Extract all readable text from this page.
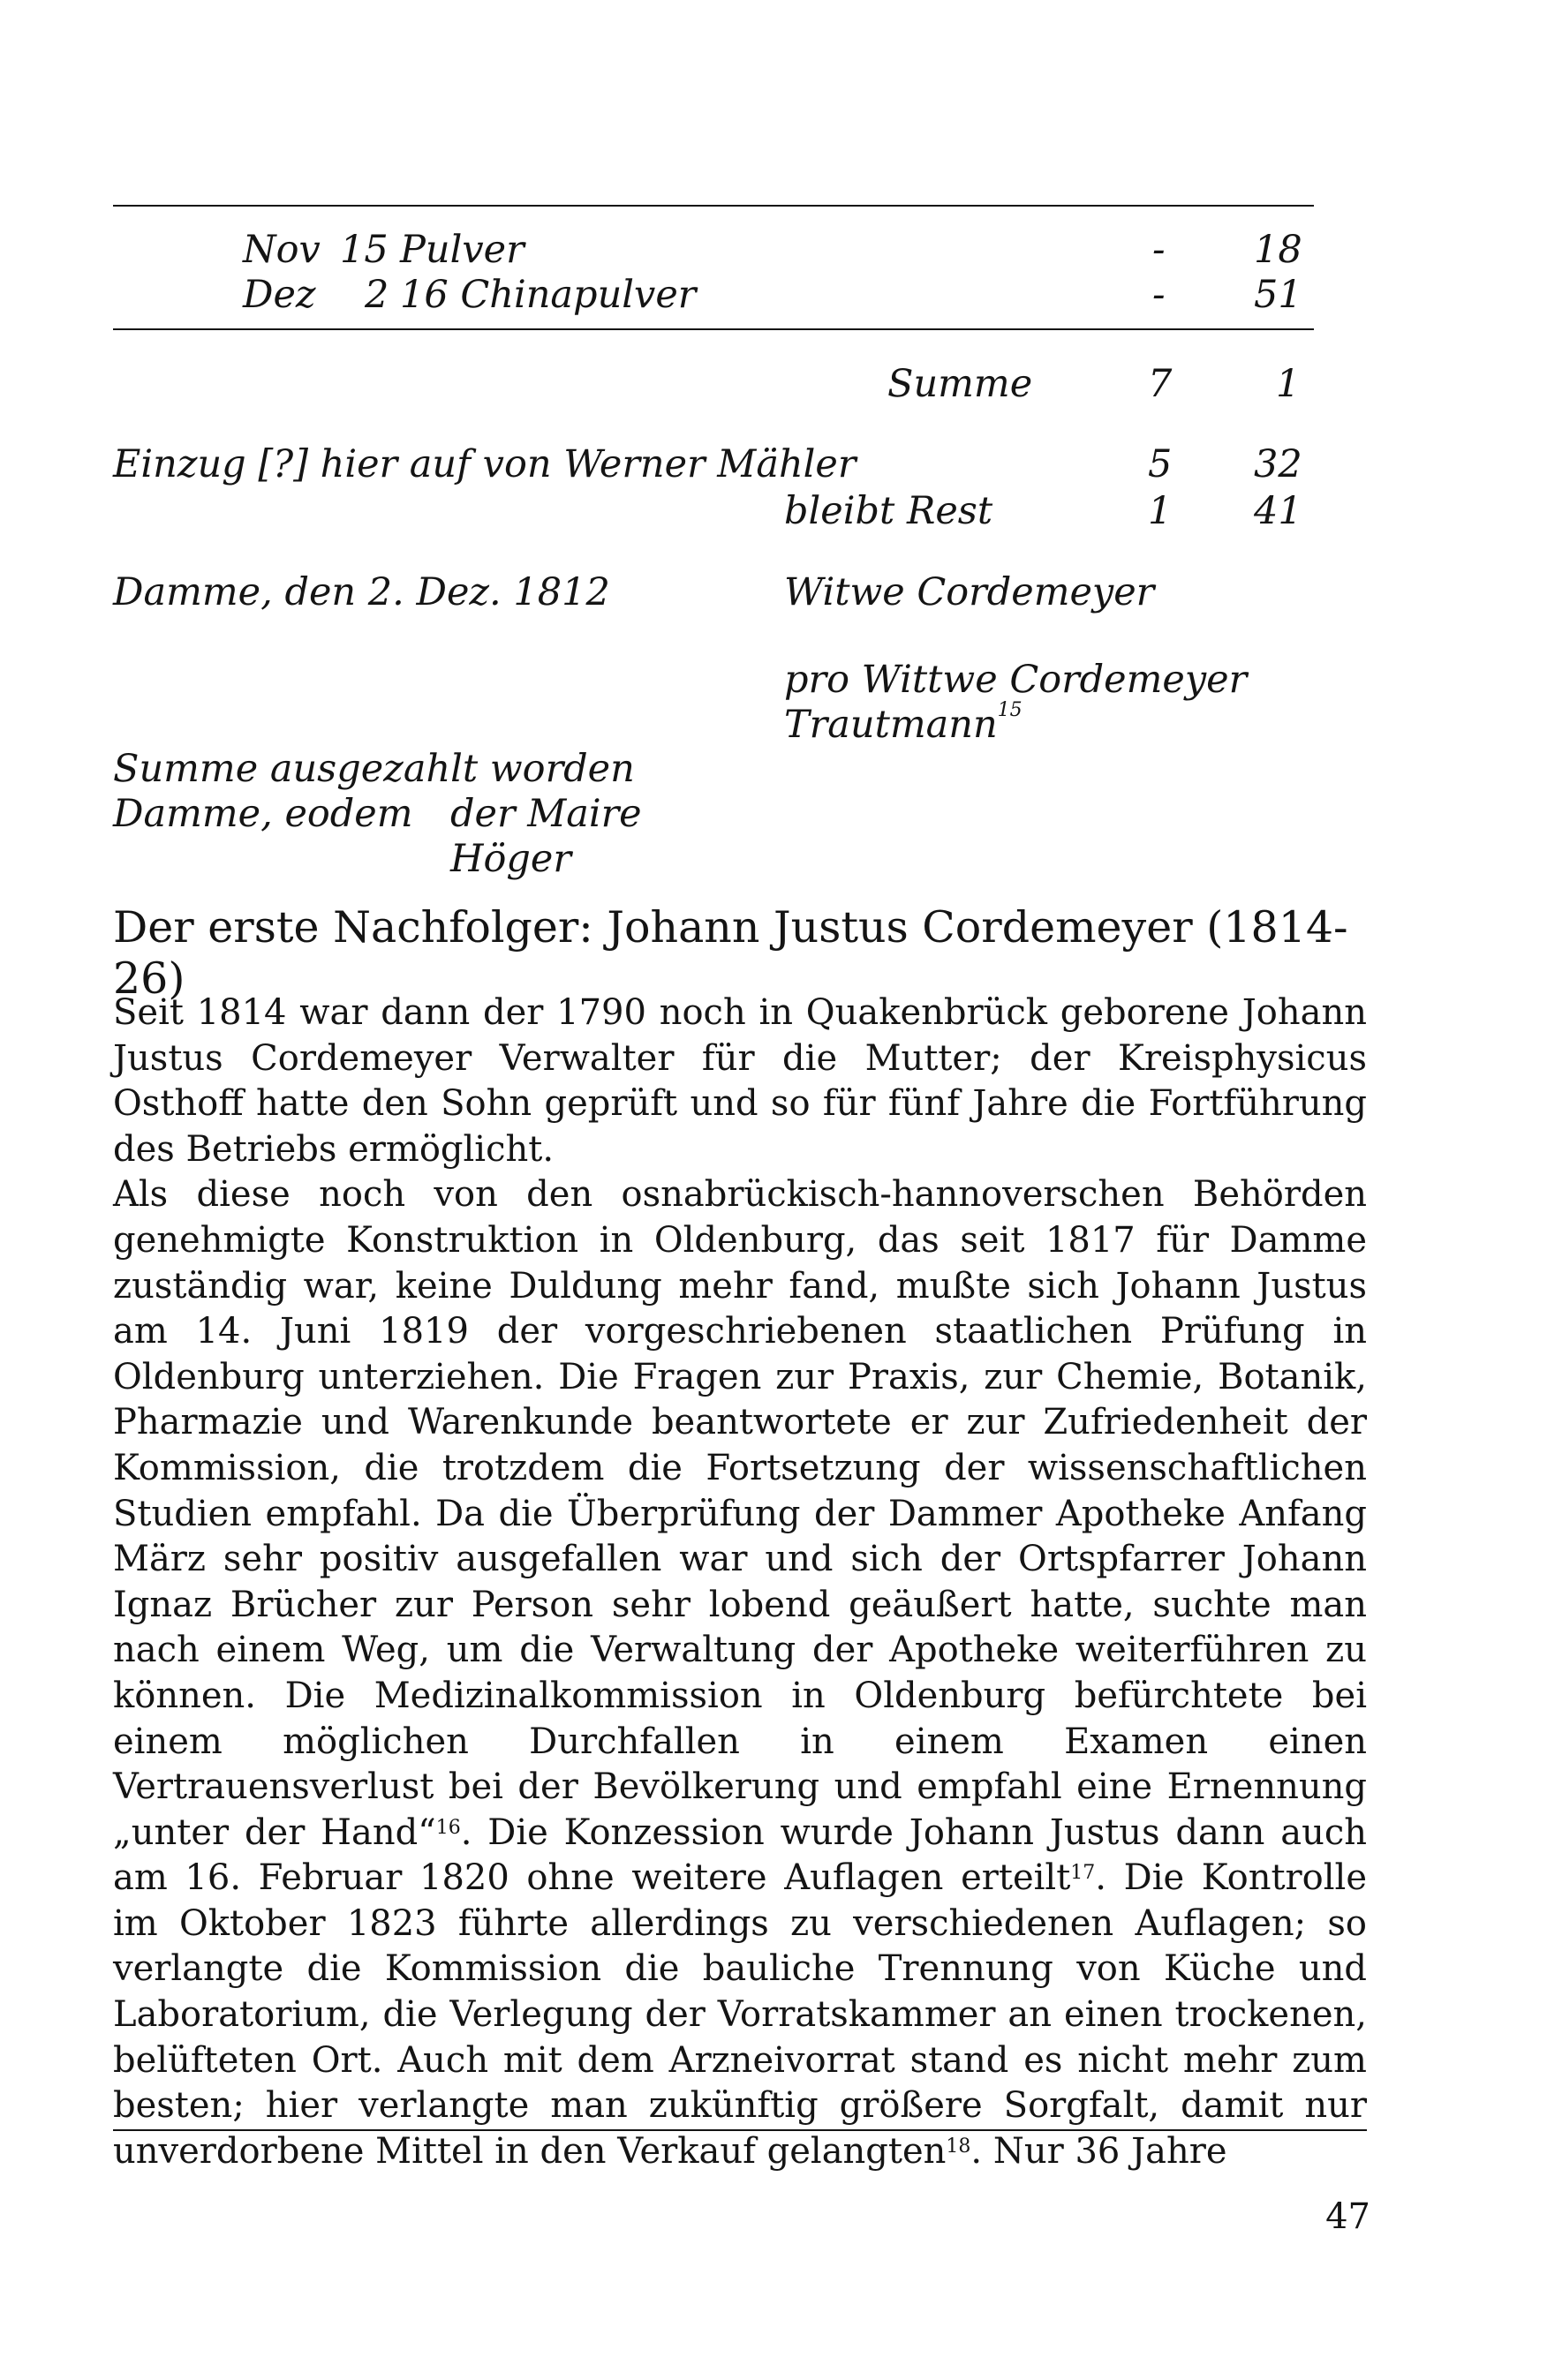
Nov 15 Pulver	- 18
Dez 2 16 Chinapulver	- 51
Summe	7	1
Einzug [?] hier auf von Werner Mähler	5 32
bleibt Rest	1 41
Damme, den 2. Dez. 1812	Witwe Cordemeyer
pro Wittwe Cordemeyer
Trautmann$^{15}$
Summe ausgezahlt worden
Damme, eodem der Maire
Höger
Der erste Nachfolger: Johann Justus Cordemeyer (1814-26)

Seit 1814 war dann der 1790 noch in Quakenbrück geborene Johann Justus Cordemeyer Verwalter für die Mutter; der Kreisphysicus Osthoff hatte den Sohn geprüft und so für fünf Jahre die Fortführung des Betriebs ermöglicht.

Als diese noch von den osnabrückisch-hannoverschen Behörden genehmigte Konstruktion in Oldenburg, das seit 1817 für Damme zuständig war, keine Duldung mehr fand, mußte sich Johann Justus am 14. Juni 1819 der vorgeschriebenen staatlichen Prüfung in Oldenburg unterziehen. Die Fragen zur Praxis, zur Chemie, Botanik, Pharmazie und Warenkunde beantwortete er zur Zufriedenheit der Kommission, die trotzdem die Fortsetzung der wissenschaftlichen Studien empfahl. Da die Überprüfung der Dammer Apotheke Anfang März sehr positiv ausgefallen war und sich der Ortspfarrer Johann Ignaz Brücher zur Person sehr lobend geäußert hatte, suchte man nach einem Weg, um die Verwaltung der Apotheke weiterführen zu können. Die Medizinalkommission in Oldenburg befürchtete bei einem möglichen Durchfallen in einem Examen einen Vertrauensverlust bei der Bevölkerung und empfahl eine Ernennung „unter der Hand“$^{16}$. Die Konzession wurde Johann Justus dann auch am 16. Februar 1820 ohne weitere Auflagen erteilt$^{17}$. Die Kontrolle im Oktober 1823 führte allerdings zu verschiedenen Auflagen; so verlangte die Kommission die bauliche Trennung von Küche und Laboratorium, die Verlegung der Vorratskammer an einen trockenen, belüfteten Ort. Auch mit dem Arzneivorrat stand es nicht mehr zum besten; hier verlangte man zukünftig größere Sorgfalt, damit nur unverdorbene Mittel in den Verkauf gelangten$^{18}$. Nur 36 Jahre

47
